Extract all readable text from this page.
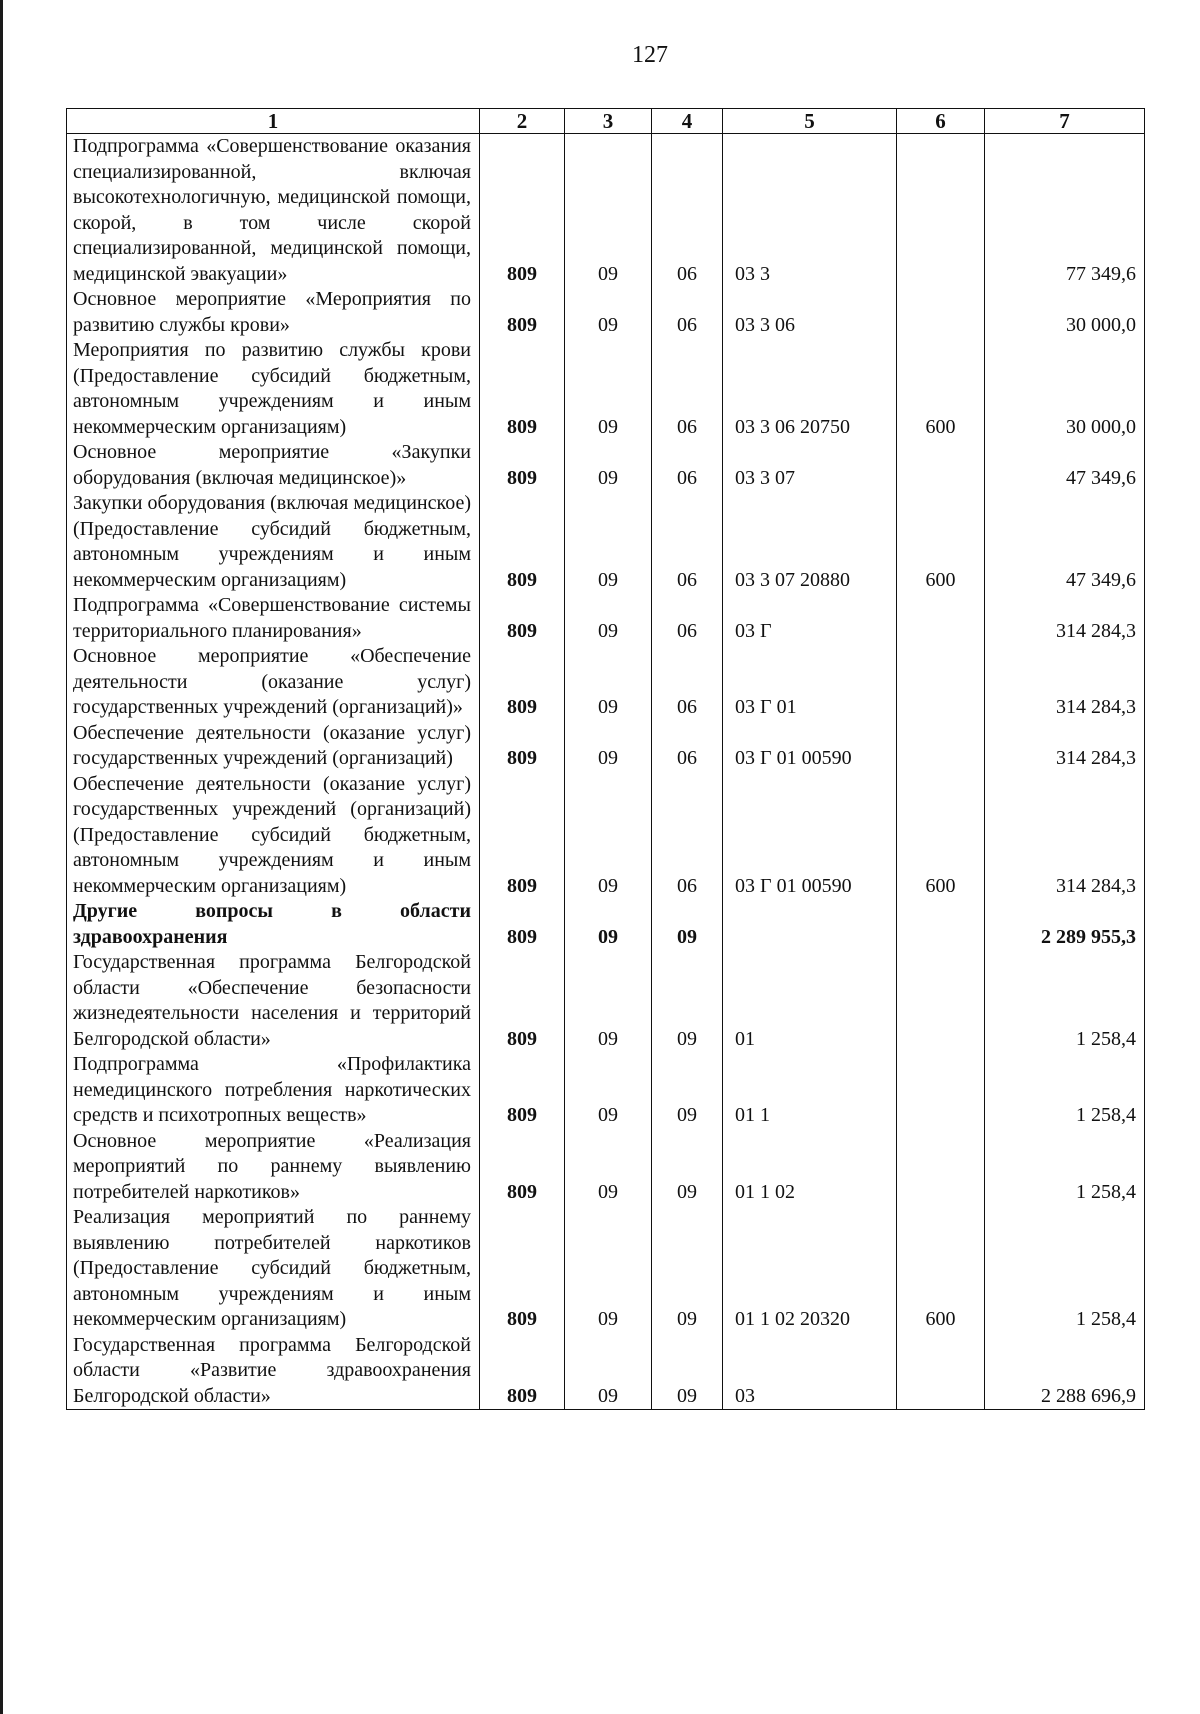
127
1	2	3	4	5	6	7
Подпрограмма «Совершенствование оказания специализированной, включая высокотехнологичную, медицинской помощи, скорой, в том числе скорой специализированной, медицинской помощи, медицинской эвакуации»	809	09	06	03 3		77 349,6
Основное мероприятие «Мероприятия по развитию службы крови»	809	09	06	03 3 06		30 000,0
Мероприятия по развитию службы крови (Предоставление субсидий бюджетным, автономным учреждениям и иным некоммерческим организациям)	809	09	06	03 3 06 20750	600	30 000,0
Основное мероприятие «Закупки оборудования (включая медицинское)»	809	09	06	03 3 07		47 349,6
Закупки оборудования (включая медицинское) (Предоставление субсидий бюджетным, автономным учреждениям и иным некоммерческим организациям)	809	09	06	03 3 07 20880	600	47 349,6
Подпрограмма «Совершенствование системы территориального планирования»	809	09	06	03 Г		314 284,3
Основное мероприятие «Обеспечение деятельности (оказание услуг) государственных учреждений (организаций)»	809	09	06	03 Г 01		314 284,3
Обеспечение деятельности (оказание услуг) государственных учреждений (организаций)	809	09	06	03 Г 01 00590		314 284,3
Обеспечение деятельности (оказание услуг) государственных учреждений (организаций) (Предоставление субсидий бюджетным, автономным учреждениям и иным некоммерческим организациям)	809	09	06	03 Г 01 00590	600	314 284,3
Другие вопросы в области здравоохранения	809	09	09			2 289 955,3
Государственная программа Белгородской области «Обеспечение безопасности жизнедеятельности населения и территорий Белгородской области»	809	09	09	01		1 258,4
Подпрограмма «Профилактика немедицинского потребления наркотических средств и психотропных веществ»	809	09	09	01 1		1 258,4
Основное мероприятие «Реализация мероприятий по раннему выявлению потребителей наркотиков»	809	09	09	01 1 02		1 258,4
Реализация мероприятий по раннему выявлению потребителей наркотиков (Предоставление субсидий бюджетным, автономным учреждениям и иным некоммерческим организациям)	809	09	09	01 1 02 20320	600	1 258,4
Государственная программа Белгородской области «Развитие здравоохранения Белгородской области»	809	09	09	03		2 288 696,9
